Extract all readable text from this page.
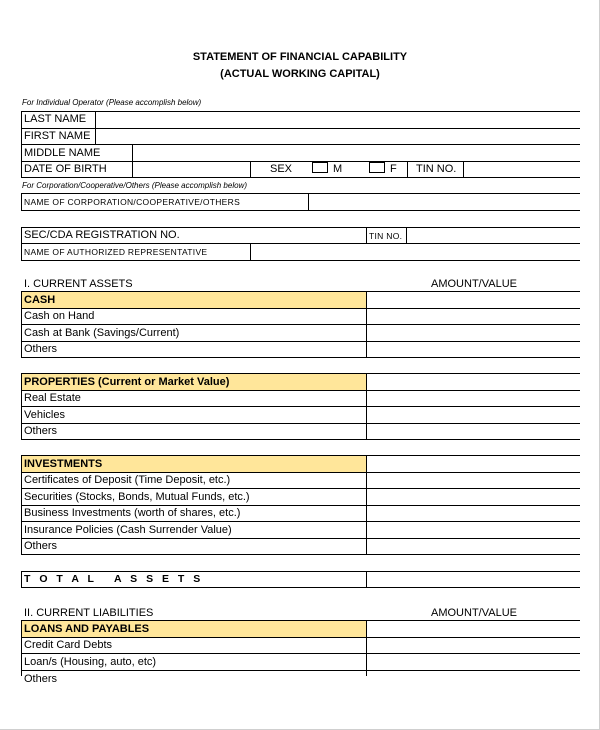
STATEMENT OF FINANCIAL CAPABILITY
(ACTUAL WORKING CAPITAL)
For Individual Operator (Please accomplish below)
LAST NAME
FIRST NAME
MIDDLE NAME
DATE OF BIRTH	SEX	M	F TIN NO.
For Corporation/Cooperative/Others (Please accomplish below)
NAME OF CORPORATION/COOPERATIVE/OTHERS
SEC/CDA REGISTRATION NO.	TIN NO.
NAME OF AUTHORIZED REPRESENTATIVE
I. CURRENT ASSETS	AMOUNT/VALUE
CASH
Cash on Hand
Cash at Bank (Savings/Current)
Others
PROPERTIES (Current or Market Value)
Real Estate
Vehicles
Others
INVESTMENTS
Certificates of Deposit (Time Deposit, etc.)
Securities (Stocks, Bonds, Mutual Funds, etc.)
Business Investments (worth of shares, etc.)
Insurance Policies (Cash Surrender Value)
Others
T O T A L   A S S E T S
II. CURRENT LIABILITIES	AMOUNT/VALUE
LOANS AND PAYABLES
Credit Card Debts
Loan/s (Housing, auto, etc)
Others
